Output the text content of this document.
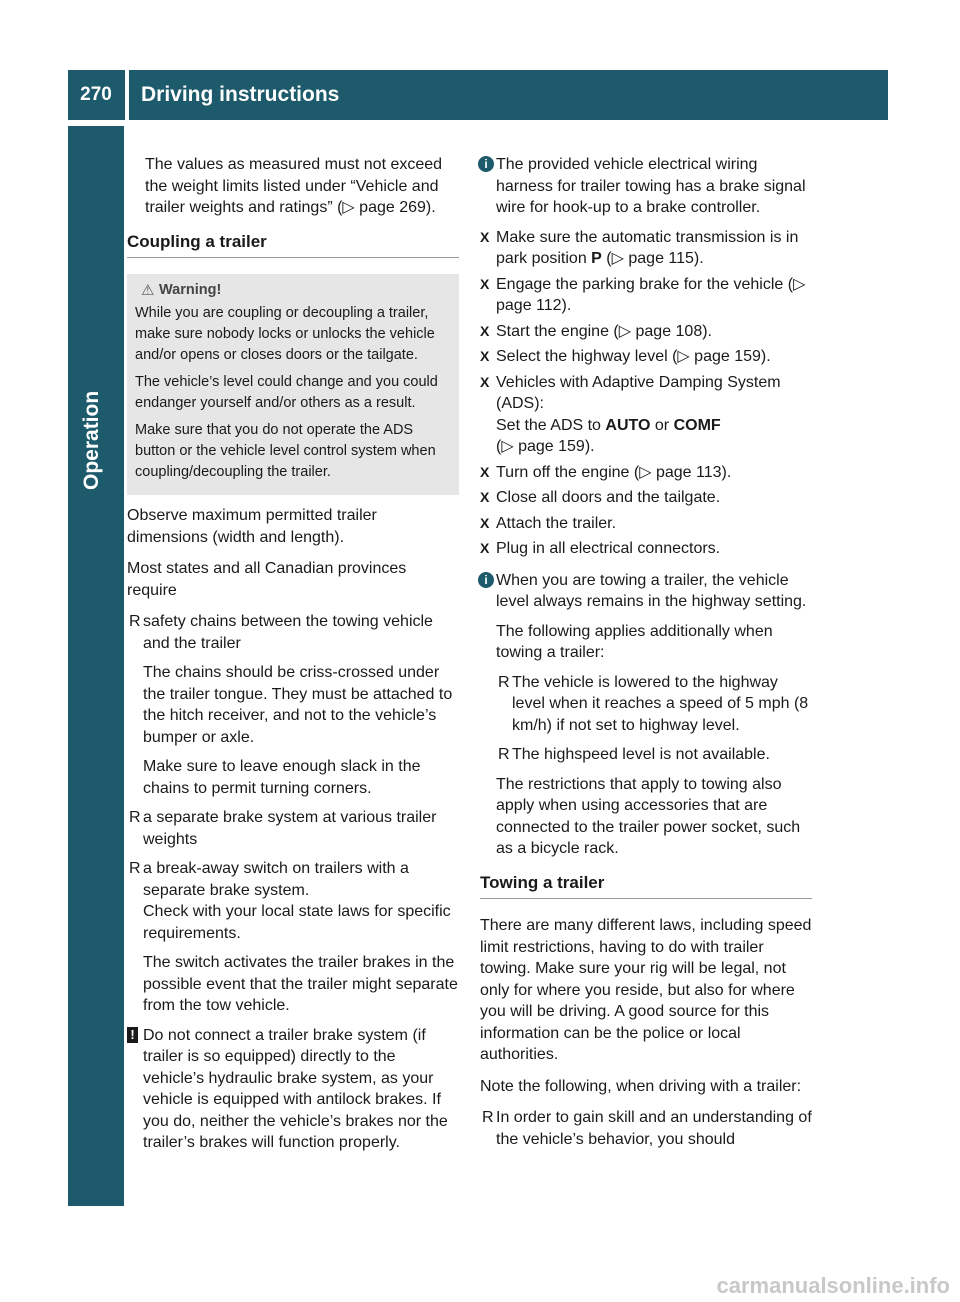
270	Driving instructions
Operation

The values as measured must not exceed the weight limits listed under “Vehicle and trailer weights and ratings” (▷ page 269).

Coupling a trailer
⚠ Warning!

While you are coupling or decoupling a trailer, make sure nobody locks or unlocks the vehicle and/or opens or closes doors or the tailgate.

The vehicle’s level could change and you could endanger yourself and/or others as a result.

Make sure that you do not operate the ADS button or the vehicle level control system when coupling/decoupling the trailer.

Observe maximum permitted trailer dimensions (width and length).

Most states and all Canadian provinces require

R safety chains between the towing vehicle and the trailer
The chains should be criss-crossed under the trailer tongue. They must be attached to the hitch receiver, and not to the vehicle’s bumper or axle.
Make sure to leave enough slack in the chains to permit turning corners.
R a separate brake system at various trailer weights
R a break-away switch on trailers with a separate brake system.
Check with your local state laws for specific requirements.
The switch activates the trailer brakes in the possible event that the trailer might separate from the tow vehicle.
! Do not connect a trailer brake system (if trailer is so equipped) directly to the vehicle’s hydraulic brake system, as your vehicle is equipped with antilock brakes. If you do, neither the vehicle’s brakes nor the trailer’s brakes will function properly.
i The provided vehicle electrical wiring harness for trailer towing has a brake signal wire for hook-up to a brake controller.
X Make sure the automatic transmission is in park position P (▷ page 115).
X Engage the parking brake for the vehicle (▷ page 112).
X Start the engine (▷ page 108).
X Select the highway level (▷ page 159).
X Vehicles with Adaptive Damping System (ADS):
Set the ADS to AUTO or COMF
(▷ page 159).
X Turn off the engine (▷ page 113).
X Close all doors and the tailgate.
X Attach the trailer.
X Plug in all electrical connectors.
i When you are towing a trailer, the vehicle level always remains in the highway setting.
The following applies additionally when towing a trailer:
R The vehicle is lowered to the highway level when it reaches a speed of 5 mph (8 km/h) if not set to highway level.
R The highspeed level is not available.
The restrictions that apply to towing also apply when using accessories that are connected to the trailer power socket, such as a bicycle rack.
Towing a trailer

There are many different laws, including speed limit restrictions, having to do with trailer towing. Make sure your rig will be legal, not only for where you reside, but also for where you will be driving. A good source for this information can be the police or local authorities.

Note the following, when driving with a trailer:

R In order to gain skill and an understanding of the vehicle’s behavior, you should
carmanualsonline.info
